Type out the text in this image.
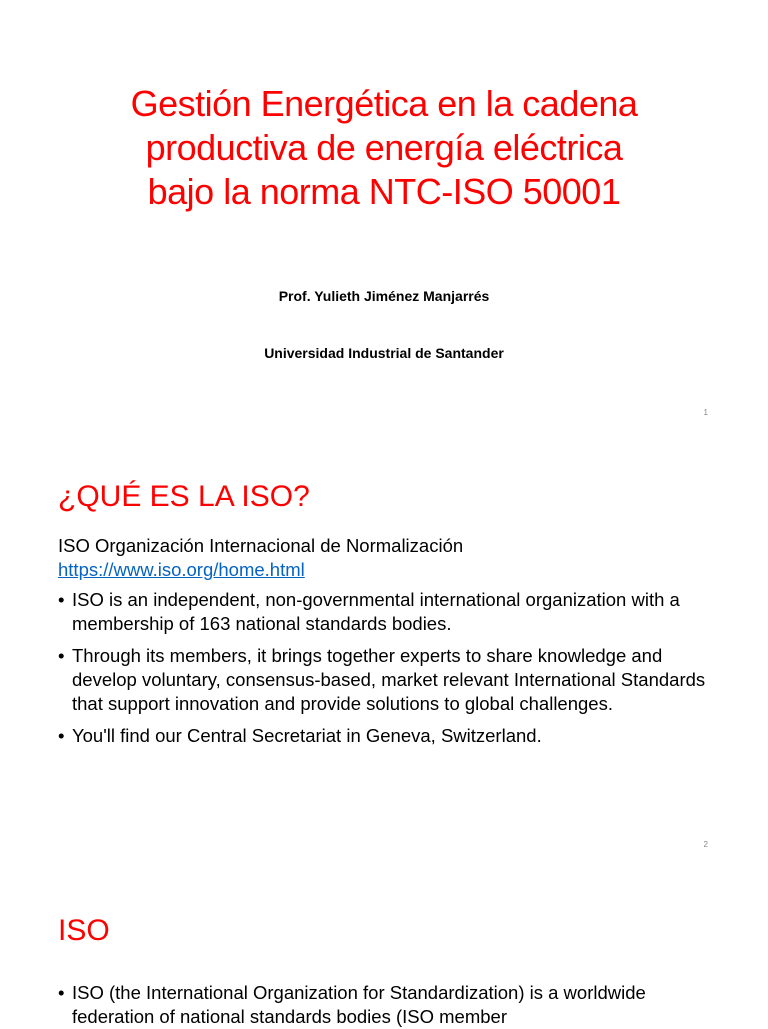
Gestión Energética en la cadena
productiva de energía eléctrica
bajo la norma NTC-ISO 50001
Prof. Yulieth Jiménez Manjarrés
Universidad Industrial de Santander
1
¿QUÉ ES LA ISO?
ISO Organización Internacional de Normalización
https://www.iso.org/home.html
• ISO is an independent, non-governmental international organization with a membership of 163 national standards bodies.
• Through its members, it brings together experts to share knowledge and develop voluntary, consensus-based, market relevant International Standards that support innovation and provide solutions to global challenges.
• You'll find our Central Secretariat in Geneva, Switzerland.
2
ISO
• ISO (the International Organization for Standardization) is a worldwide federation of national standards bodies (ISO member
